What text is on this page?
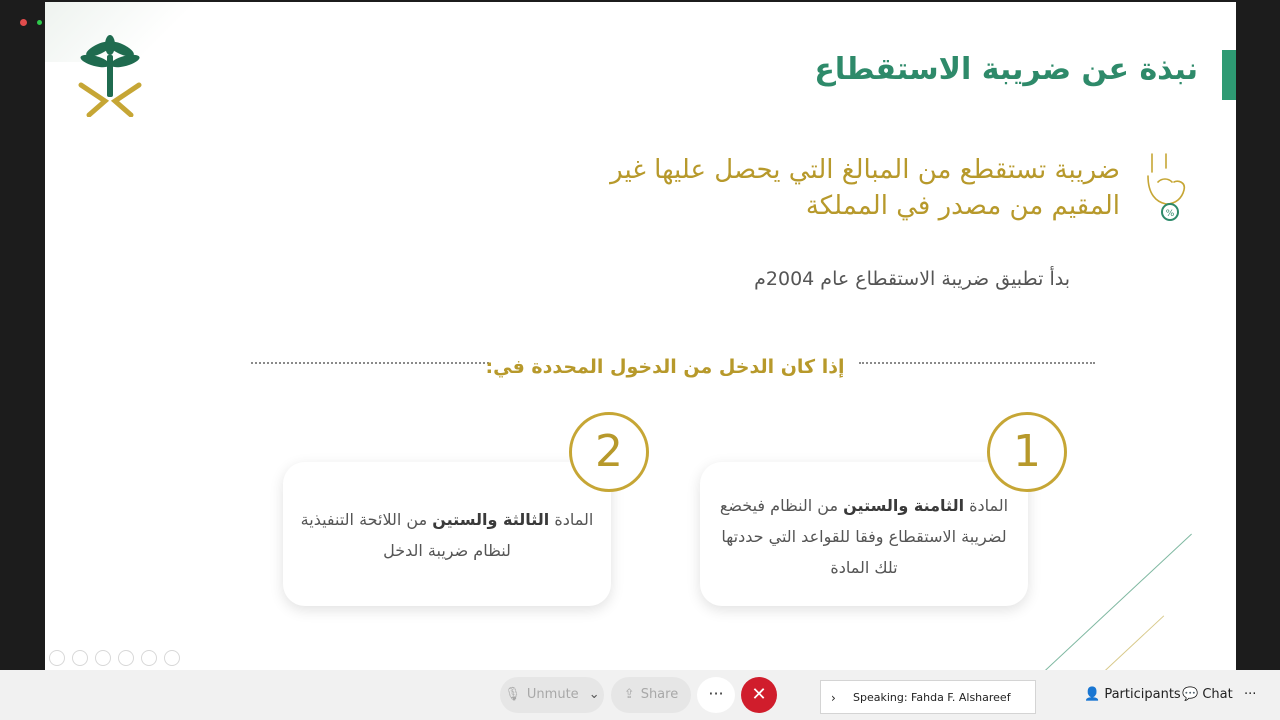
نبذة عن ضريبة الاستقطاع
ضريبة تستقطع من المبالغ التي يحصل عليها غير
المقيم من مصدر في المملكة	%
بدأ تطبيق ضريبة الاستقطاع عام 2004م
إذا كان الدخل من الدخول المحددة في:
المادة الثامنة والستين من النظام فيخضع لضريبة الاستقطاع وفقا للقواعد التي حددتها تلك المادة
1
المادة الثالثة والستين من اللائحة التنفيذية لنظام ضريبة الدخل
2
🎙 Unmute ⌄	⇪ Share	···	✕	› Speaking: Fahda F. Alshareef	👤 Participants 💬 Chat ···
